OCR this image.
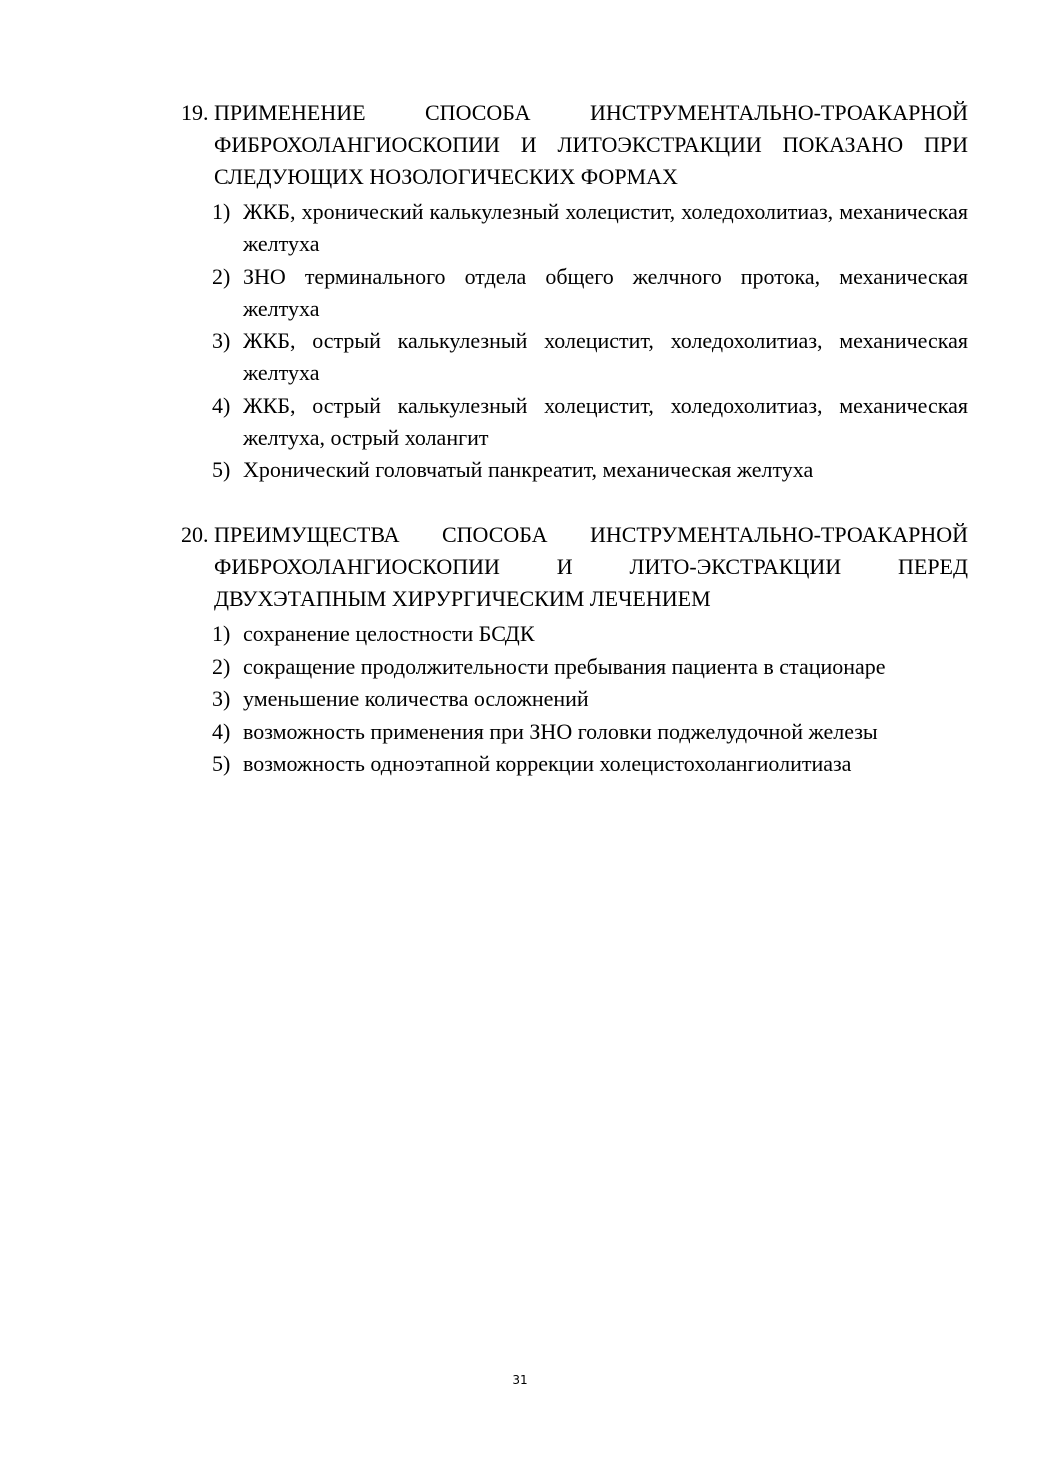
19. ПРИМЕНЕНИЕ СПОСОБА ИНСТРУМЕНТАЛЬНО-ТРОАКАРНОЙ ФИБРОХОЛАНГИОСКОПИИ И ЛИТОЭКСТРАКЦИИ ПОКАЗАНО ПРИ СЛЕДУЮЩИХ НОЗОЛОГИЧЕСКИХ ФОРМАХ
1) ЖКБ, хронический калькулезный холецистит, холедохолитиаз, механическая желтуха
2) ЗНО терминального отдела общего желчного протока, механическая желтуха
3) ЖКБ, острый калькулезный холецистит, холедохолитиаз, механическая желтуха
4) ЖКБ, острый калькулезный холецистит, холедохолитиаз, механическая желтуха, острый холангит
5) Хронический головчатый панкреатит, механическая желтуха
20. ПРЕИМУЩЕСТВА СПОСОБА ИНСТРУМЕНТАЛЬНО-ТРОАКАРНОЙ ФИБРОХОЛАНГИОСКОПИИ И ЛИТО-ЭКСТРАКЦИИ ПЕРЕД ДВУХЭТАПНЫМ ХИРУРГИЧЕСКИМ ЛЕЧЕНИЕМ
1) сохранение целостности БСДК
2) сокращение продолжительности пребывания пациента в стационаре
3) уменьшение количества осложнений
4) возможность применения при ЗНО головки поджелудочной железы
5) возможность одноэтапной коррекции холецистохолангиолитиаза
31
